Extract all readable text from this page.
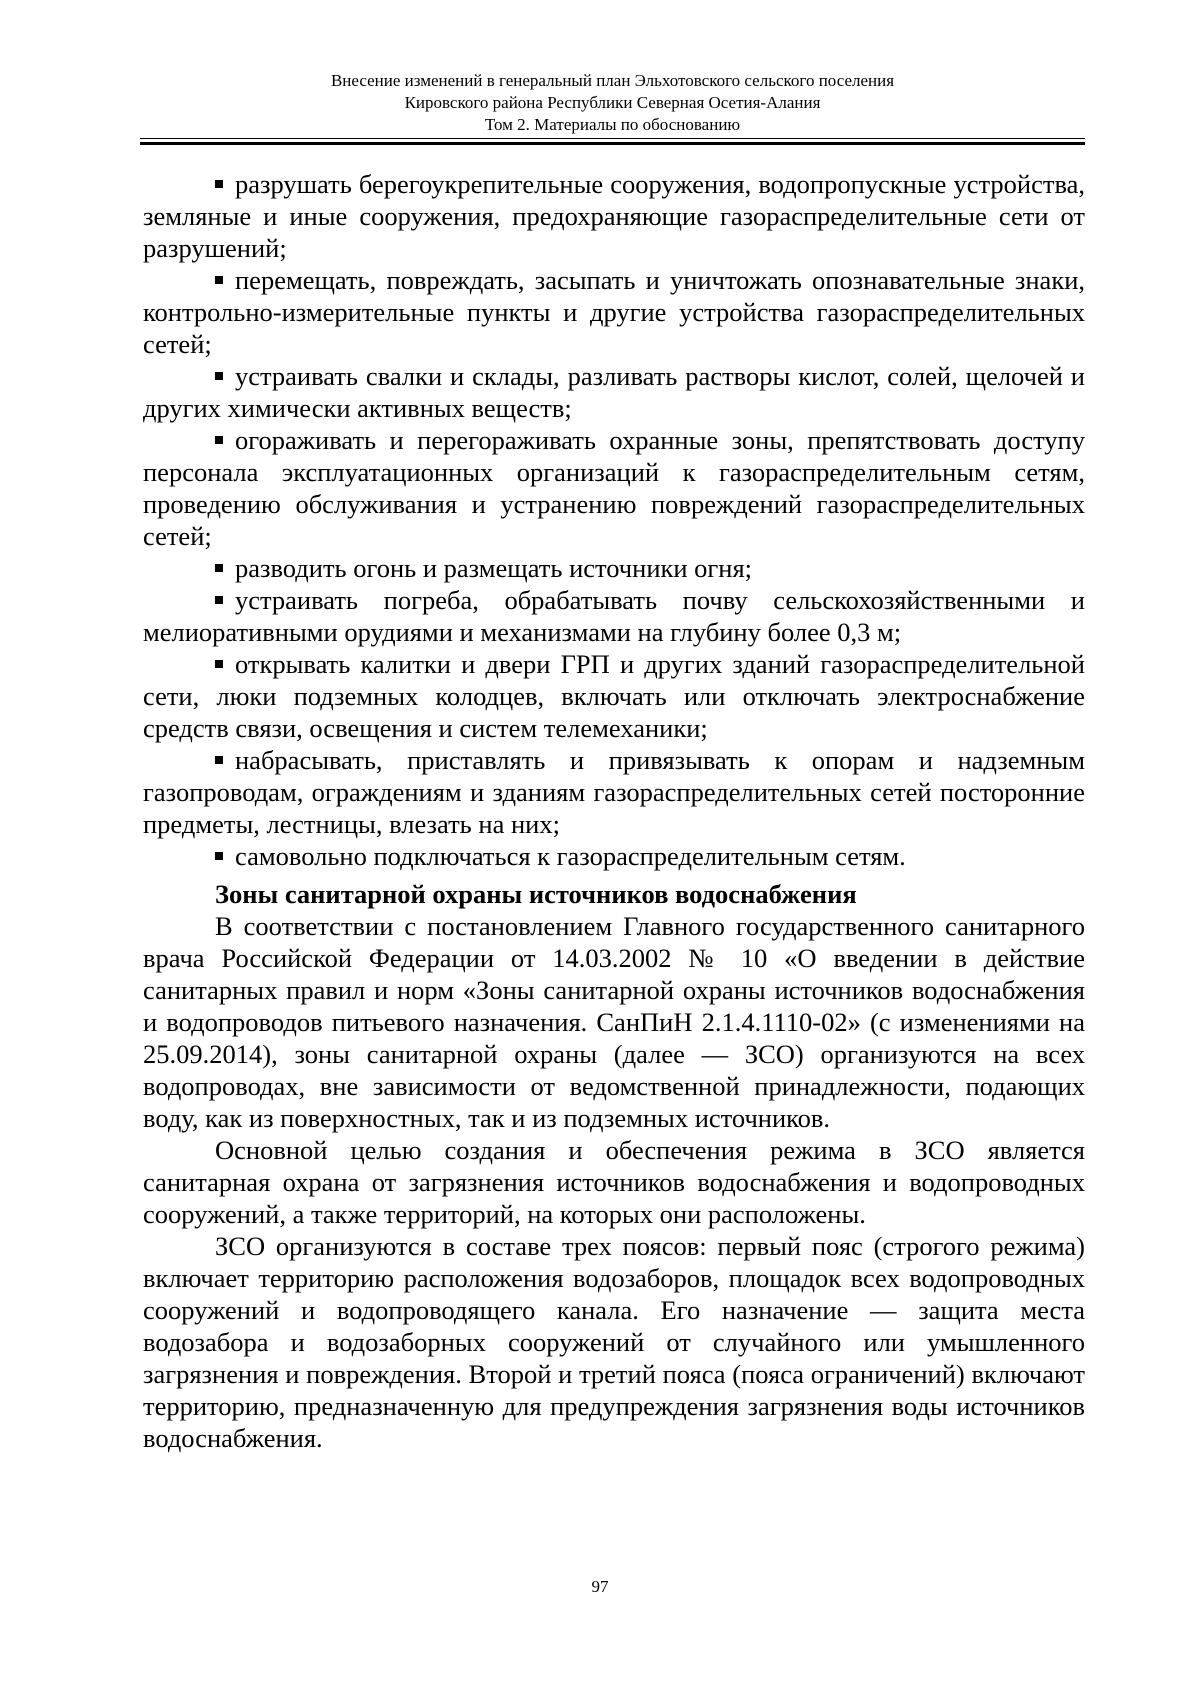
Внесение изменений в генеральный план Эльхотовского сельского поселения
Кировского района Республики Северная Осетия-Алания
Том 2. Материалы по обоснованию
разрушать берегоукрепительные сооружения, водопропускные устройства, земляные и иные сооружения, предохраняющие газораспределительные сети от разрушений;
перемещать, повреждать, засыпать и уничтожать опознавательные знаки, контрольно-измерительные пункты и другие устройства газораспределительных сетей;
устраивать свалки и склады, разливать растворы кислот, солей, щелочей и других химически активных веществ;
огораживать и перегораживать охранные зоны, препятствовать доступу персонала эксплуатационных организаций к газораспределительным сетям, проведению обслуживания и устранению повреждений газораспределительных сетей;
разводить огонь и размещать источники огня;
устраивать погреба, обрабатывать почву сельскохозяйственными и мелиоративными орудиями и механизмами на глубину более 0,3 м;
открывать калитки и двери ГРП и других зданий газораспределительной сети, люки подземных колодцев, включать или отключать электроснабжение средств связи, освещения и систем телемеханики;
набрасывать, приставлять и привязывать к опорам и надземным газопроводам, ограждениям и зданиям газораспределительных сетей посторонние предметы, лестницы, влезать на них;
самовольно подключаться к газораспределительным сетям.
Зоны санитарной охраны источников водоснабжения

В соответствии с постановлением Главного государственного санитарного врача Российской Федерации от 14.03.2002 № 10 «О введении в действие санитарных правил и норм «Зоны санитарной охраны источников водоснабжения и водопроводов питьевого назначения. СанПиН 2.1.4.1110-02» (с изменениями на 25.09.2014), зоны санитарной охраны (далее — ЗСО) организуются на всех водопроводах, вне зависимости от ведомственной принадлежности, подающих воду, как из поверхностных, так и из подземных источников.

Основной целью создания и обеспечения режима в ЗСО является санитарная охрана от загрязнения источников водоснабжения и водопроводных сооружений, а также территорий, на которых они расположены.

ЗСО организуются в составе трех поясов: первый пояс (строгого режима) включает территорию расположения водозаборов, площадок всех водопроводных сооружений и водопроводящего канала. Его назначение — защита места водозабора и водозаборных сооружений от случайного или умышленного загрязнения и повреждения. Второй и третий пояса (пояса ограничений) включают территорию, предназначенную для предупреждения загрязнения воды источников водоснабжения.

97
